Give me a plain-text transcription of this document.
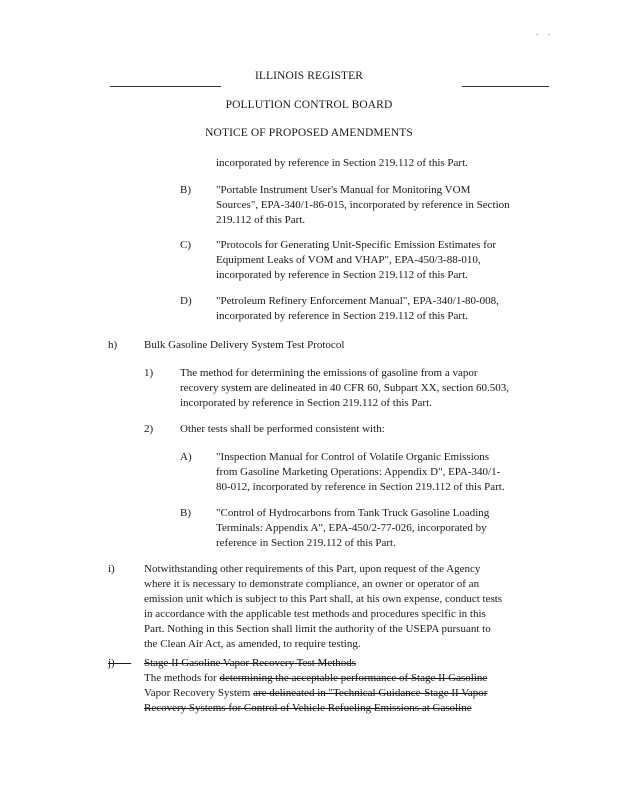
. .
ILLINOIS REGISTER
POLLUTION CONTROL BOARD
NOTICE OF PROPOSED AMENDMENTS
incorporated by reference in Section 219.112 of this Part.
B) "Portable Instrument User's Manual for Monitoring VOM
Sources", EPA-340/1-86-015, incorporated by reference in Section
219.112 of this Part.
C) "Protocols for Generating Unit-Specific Emission Estimates for
Equipment Leaks of VOM and VHAP", EPA-450/3-88-010,
incorporated by reference in Section 219.112 of this Part.
D) "Petroleum Refinery Enforcement Manual", EPA-340/1-80-008,
incorporated by reference in Section 219.112 of this Part.
h) Bulk Gasoline Delivery System Test Protocol
1) The method for determining the emissions of gasoline from a vapor
recovery system are delineated in 40 CFR 60, Subpart XX, section 60.503,
incorporated by reference in Section 219.112 of this Part.
2) Other tests shall be performed consistent with:
A) "Inspection Manual for Control of Volatile Organic Emissions
from Gasoline Marketing Operations: Appendix D", EPA-340/1-
80-012, incorporated by reference in Section 219.112 of this Part.
B) "Control of Hydrocarbons from Tank Truck Gasoline Loading
Terminals: Appendix A", EPA-450/2-77-026, incorporated by
reference in Section 219.112 of this Part.
i)	Notwithstanding other requirements of this Part, upon request of the Agency
where it is necessary to demonstrate compliance, an owner or operator of an
emission unit which is subject to this Part shall, at his own expense, conduct tests
in accordance with the applicable test methods and procedures specific in this
Part. Nothing in this Section shall limit the authority of the USEPA pursuant to
the Clean Air Act, as amended, to require testing.
j)	Stage II Gasoline Vapor Recovery Test Methods
The methods for determining the acceptable performance of Stage II Gasoline
Vapor Recovery System are delineated in "Technical Guidance-Stage II Vapor
Recovery Systems for Control of Vehicle Refueling Emissions at Gasoline
